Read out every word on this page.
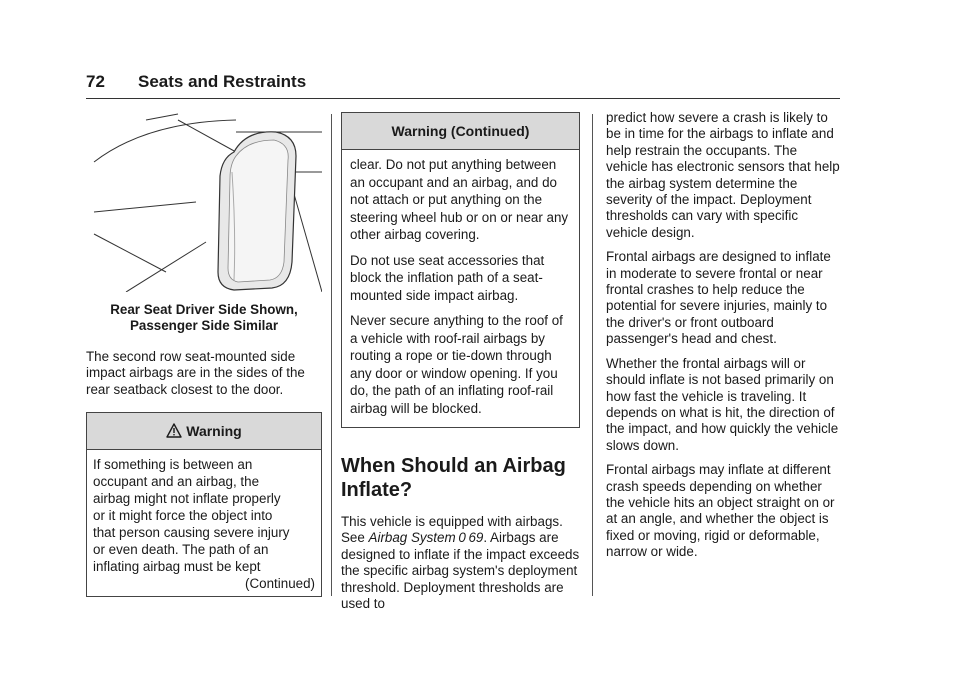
72 Seats and Restraints
Rear Seat Driver Side Shown,
Passenger Side Similar

The second row seat-mounted side impact airbags are in the sides of the rear seatback closest to the door.

Warning
If something is between an
occupant and an airbag, the
airbag might not inflate properly
or it might force the object into
that person causing severe injury
or even death. The path of an
inflating airbag must be kept
(Continued)
Warning (Continued)

clear. Do not put anything between an occupant and an airbag, and do not attach or put anything on the steering wheel hub or on or near any other airbag covering.

Do not use seat accessories that block the inflation path of a seat-mounted side impact airbag.

Never secure anything to the roof of a vehicle with roof-rail airbags by routing a rope or tie-down through any door or window opening. If you do, the path of an inflating roof-rail airbag will be blocked.

When Should an Airbag Inflate?

This vehicle is equipped with airbags. See Airbag System  0  69. Airbags are designed to inflate if the impact exceeds the specific airbag system's deployment threshold. Deployment thresholds are used to

predict how severe a crash is likely to be in time for the airbags to inflate and help restrain the occupants. The vehicle has electronic sensors that help the airbag system determine the severity of the impact. Deployment thresholds can vary with specific vehicle design.

Frontal airbags are designed to inflate in moderate to severe frontal or near frontal crashes to help reduce the potential for severe injuries, mainly to the driver's or front outboard passenger's head and chest.

Whether the frontal airbags will or should inflate is not based primarily on how fast the vehicle is traveling. It depends on what is hit, the direction of the impact, and how quickly the vehicle slows down.

Frontal airbags may inflate at different crash speeds depending on whether the vehicle hits an object straight on or at an angle, and whether the object is fixed or moving, rigid or deformable, narrow or wide.
